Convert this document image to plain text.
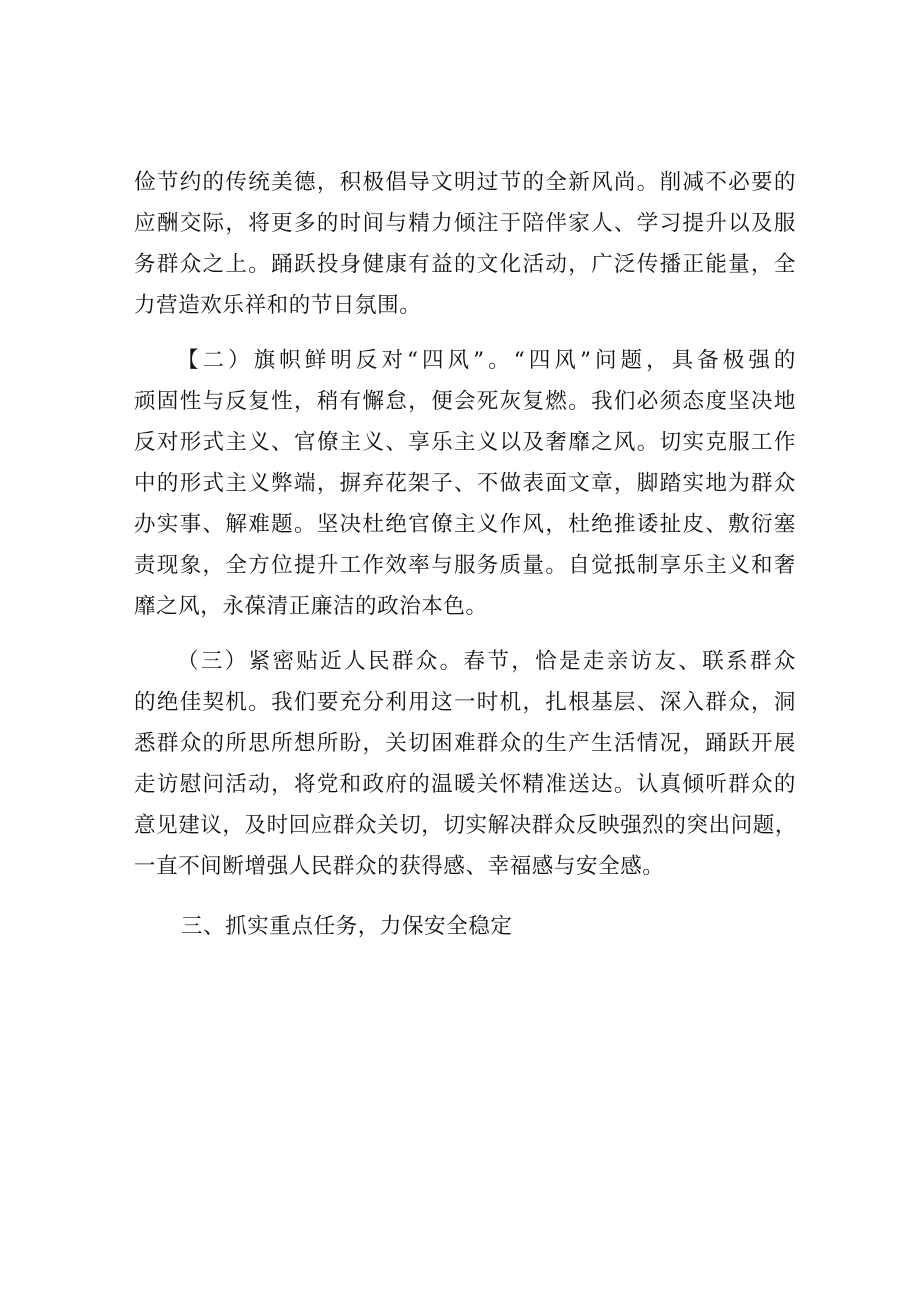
俭节约的传统美德，积极倡导文明过节的全新风尚。削减不必要的
应酬交际，将更多的时间与精力倾注于陪伴家人、学习提升以及服
务群众之上。踊跃投身健康有益的文化活动，广泛传播正能量，全
力营造欢乐祥和的节日氛围。
【二）旗帜鲜明反对“四风”。“四风”问题，具备极强的
顽固性与反复性，稍有懈怠，便会死灰复燃。我们必须态度坚决地
反对形式主义、官僚主义、享乐主义以及奢靡之风。切实克服工作
中的形式主义弊端，摒弃花架子、不做表面文章，脚踏实地为群众
办实事、解难题。坚决杜绝官僚主义作风，杜绝推诿扯皮、敷衍塞
责现象，全方位提升工作效率与服务质量。自觉抵制享乐主义和奢
靡之风，永葆清正廉洁的政治本色。
（三）紧密贴近人民群众。春节，恰是走亲访友、联系群众
的绝佳契机。我们要充分利用这一时机，扎根基层、深入群众，洞
悉群众的所思所想所盼，关切困难群众的生产生活情况，踊跃开展
走访慰问活动，将党和政府的温暖关怀精准送达。认真倾听群众的
意见建议，及时回应群众关切，切实解决群众反映强烈的突出问题，
一直不间断增强人民群众的获得感、幸福感与安全感。
三、抓实重点任务，力保安全稳定
